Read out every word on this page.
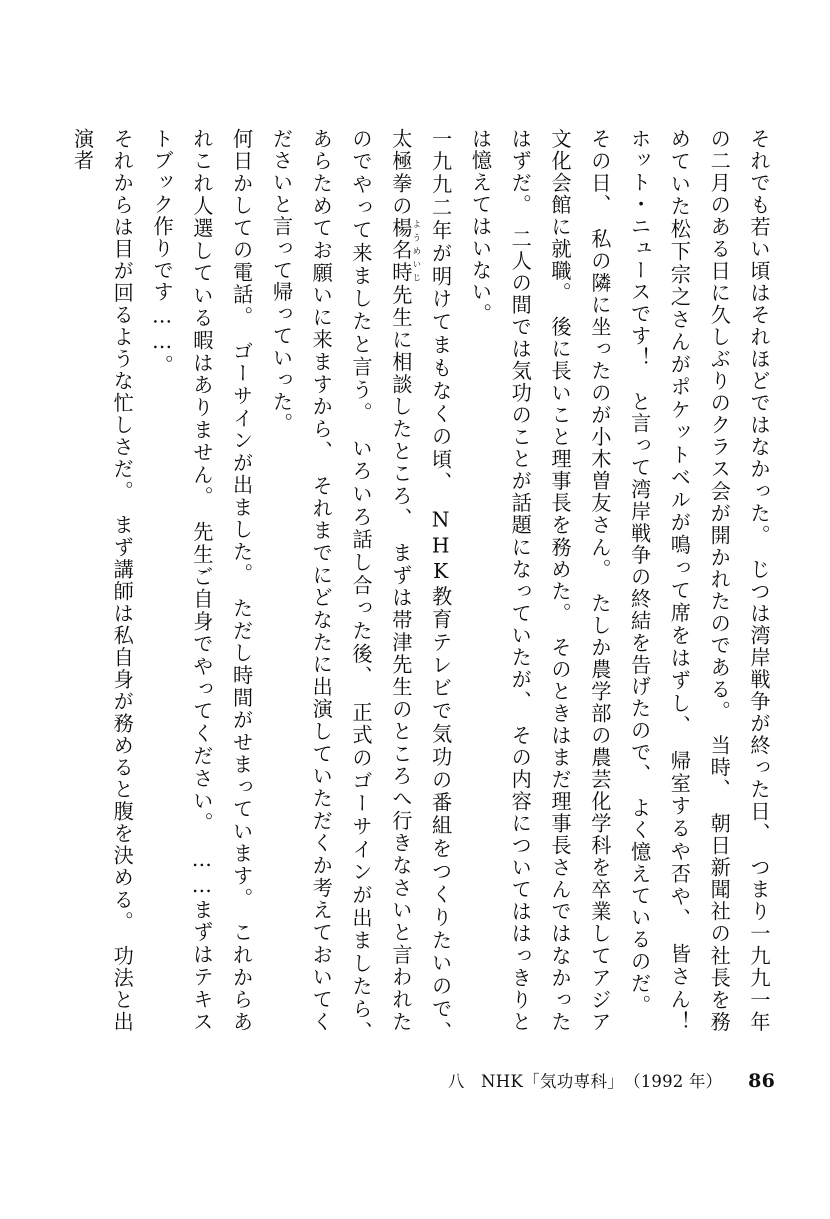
それでも若い頃はそれほどではなかった。　じつは湾岸戦争が終った日、　つまり一九九一年の二月のある日に久しぶりのクラス会が開かれたのである。　当時、　朝日新聞社の社長を務めていた松下宗之さんがポケットベルが鳴って席をはずし、　帰室するや否や、　皆さん！　ホット・ニュースです！　と言って湾岸戦争の終結を告げたので、　よく憶えているのだ。

その日、　私の隣に坐ったのが小木曽友さん。　たしか農学部の農芸化学科を卒業してアジア文化会館に就職。　後に長いこと理事長を務めた。　そのときはまだ理事長さんではなかったはずだ。　二人の間では気功のことが話題になっていたが、　その内容についてははっきりとは憶えてはいない。

一九九二年が明けてまもなくの頃、　NHK教育テレビで気功の番組をつくりたいので、　太極拳の楊名時 ようめいじ先生に相談したところ、　まずは帯津先生のところへ行きなさいと言われたのでやって来ましたと言う。　いろいろ話し合った後、　正式のゴーサインが出ましたら、　あらためてお願いに来ますから、　それまでにどなたに出演していただくか考えておいてくださいと言って帰っていった。

何日かしての電話。　ゴーサインが出ました。　ただし時間がせまっています。　これからあれこれ人選している暇はありません。　先生ご自身でやってください。　……まずはテキストブック作りです……。

それからは目が回るような忙しさだ。　まず講師は私自身が務めると腹を決める。　功法と出演者

八 NHK「気功専科」 （1992 年） 86
